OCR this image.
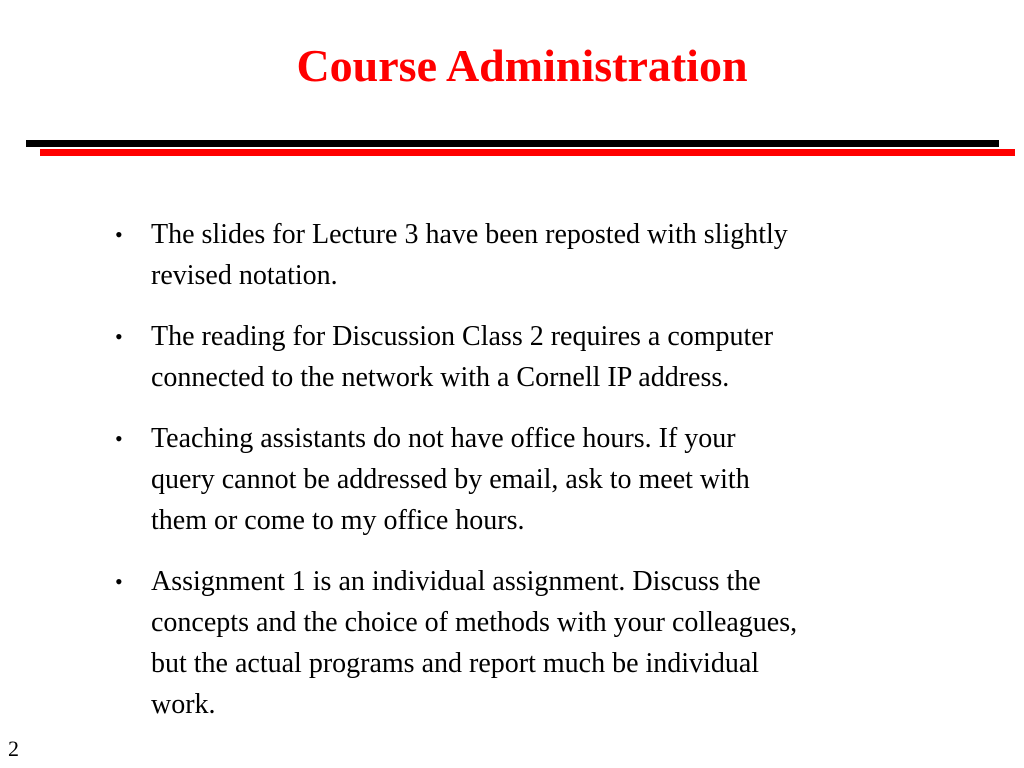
Course Administration
•	The slides for Lecture 3 have been reposted with slightly
revised notation.
•	The reading for Discussion Class 2 requires a computer
connected to the network with a Cornell IP address.
•	Teaching assistants do not have office hours. If your
query cannot be addressed by email, ask to meet with
them or come to my office hours.
•	Assignment 1 is an individual assignment. Discuss the
concepts and the choice of methods with your colleagues,
but the actual programs and report much be individual
work.
2
